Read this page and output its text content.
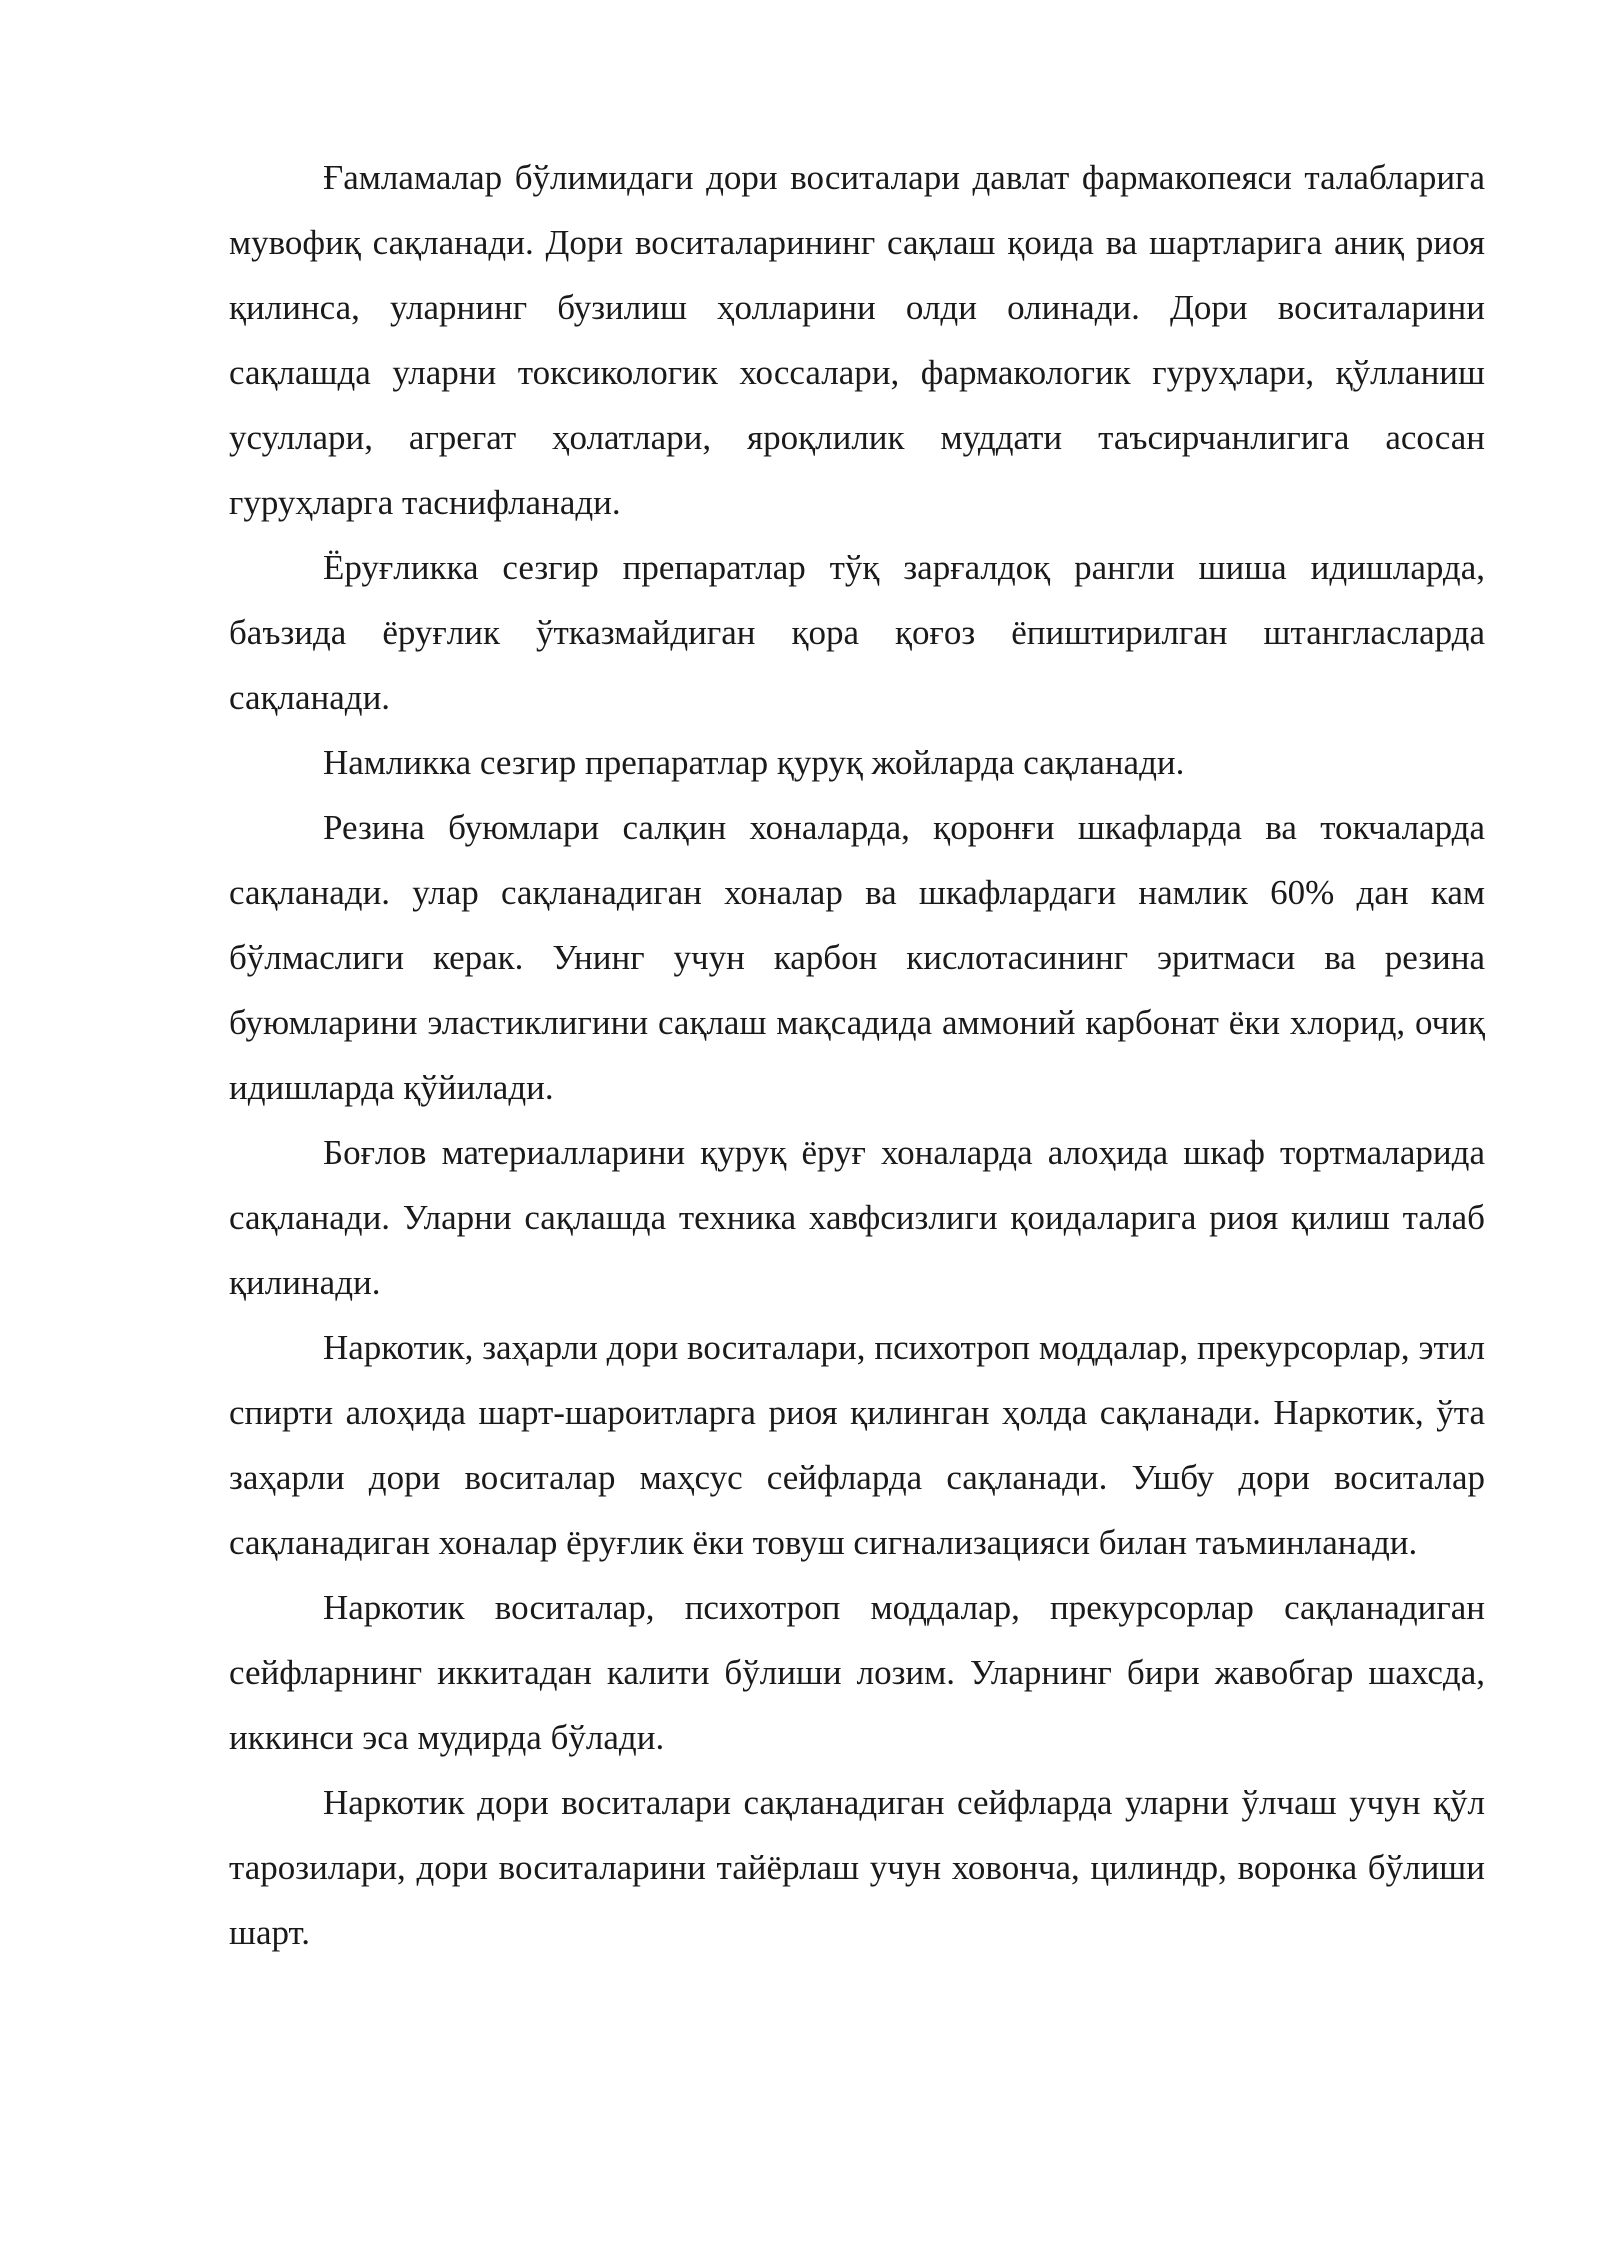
Ғамламалар бўлимидаги дори воситалари давлат фармакопеяси талабларига мувофиқ сақланади. Дори воситаларининг сақлаш қоида ва шартларига аниқ риоя қилинса, уларнинг бузилиш ҳолларини олди олинади. Дори воситаларини сақлашда уларни токсикологик хоссалари, фармакологик гуруҳлари, қўлланиш усуллари, агрегат ҳолатлари, яроқлилик муддати таъсирчанлигига асосан гуруҳларга таснифланади.

Ёруғликка сезгир препаратлар тўқ зарғалдоқ рангли шиша идишларда, баъзида ёруғлик ўтказмайдиган қора қоғоз ёпиштирилган штангласларда сақланади.

Намликка сезгир препаратлар қуруқ жойларда сақланади.

Резина буюмлари салқин хоналарда, қоронғи шкафларда ва токчаларда сақланади. улар сақланадиган хоналар ва шкафлардаги намлик 60% дан кам бўлмаслиги керак. Унинг учун карбон кислотасининг эритмаси ва резина буюмларини эластиклигини сақлаш мақсадида аммоний карбонат ёки хлорид, очиқ идишларда қўйилади.

Боғлов материалларини қуруқ ёруғ хоналарда алоҳида шкаф тортмаларида сақланади. Уларни сақлашда техника хавфсизлиги қоидаларига риоя қилиш талаб қилинади.

Наркотик, заҳарли дори воситалари, психотроп моддалар, прекурсорлар, этил спирти алоҳида шарт-шароитларга риоя қилинган ҳолда сақланади. Наркотик, ўта заҳарли дори воситалар маҳсус сейфларда сақланади. Ушбу дори воситалар сақланадиган хоналар ёруғлик ёки товуш сигнализацияси билан таъминланади.

Наркотик воситалар, психотроп моддалар, прекурсорлар сақланадиган сейфларнинг иккитадан калити бўлиши лозим. Уларнинг бири жавобгар шахсда, иккинси эса мудирда бўлади.

Наркотик дори воситалари сақланадиган сейфларда уларни ўлчаш учун қўл тарозилари, дори воситаларини тайёрлаш учун ховонча, цилиндр, воронка бўлиши шарт.
